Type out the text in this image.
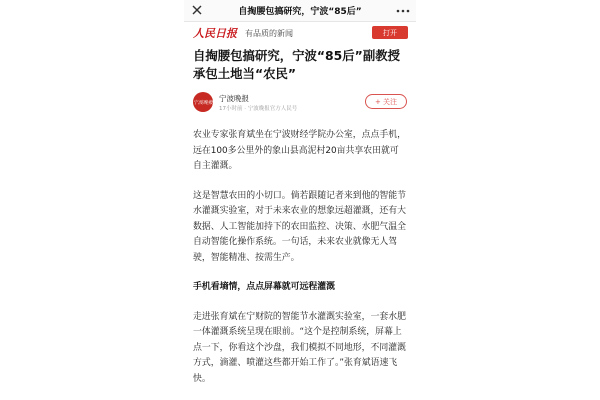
自掏腰包搞研究，宁波“85后”
人民日报 有品质的新闻	打开
自掏腰包搞研究，宁波“85后”副教授承包土地当“农民”
宁波晚报 宁波晚报
17小时前 · 宁波晚报官方人民号
+ 关注

农业专家张育斌坐在宁波财经学院办公室，点点手机，远在100多公里外的象山县高泥村20亩共享农田就可自主灌溉。

这是智慧农田的小切口。倘若跟随记者来到他的智能节水灌溉实验室，对于未来农业的想象远超灌溉，还有大数据、人工智能加持下的农田监控、决策、水肥气温全自动智能化操作系统。一句话，未来农业就像无人驾驶，智能精准、按需生产。

手机看墒情，点点屏幕就可远程灌溉

走进张育斌在宁财院的智能节水灌溉实验室，一套水肥一体灌溉系统呈现在眼前。“这个是控制系统，屏幕上点一下，你看这个沙盘，我们模拟不同地形，不同灌溉方式，滴灌、喷灌这些都开始工作了。”张育斌语速飞快。
